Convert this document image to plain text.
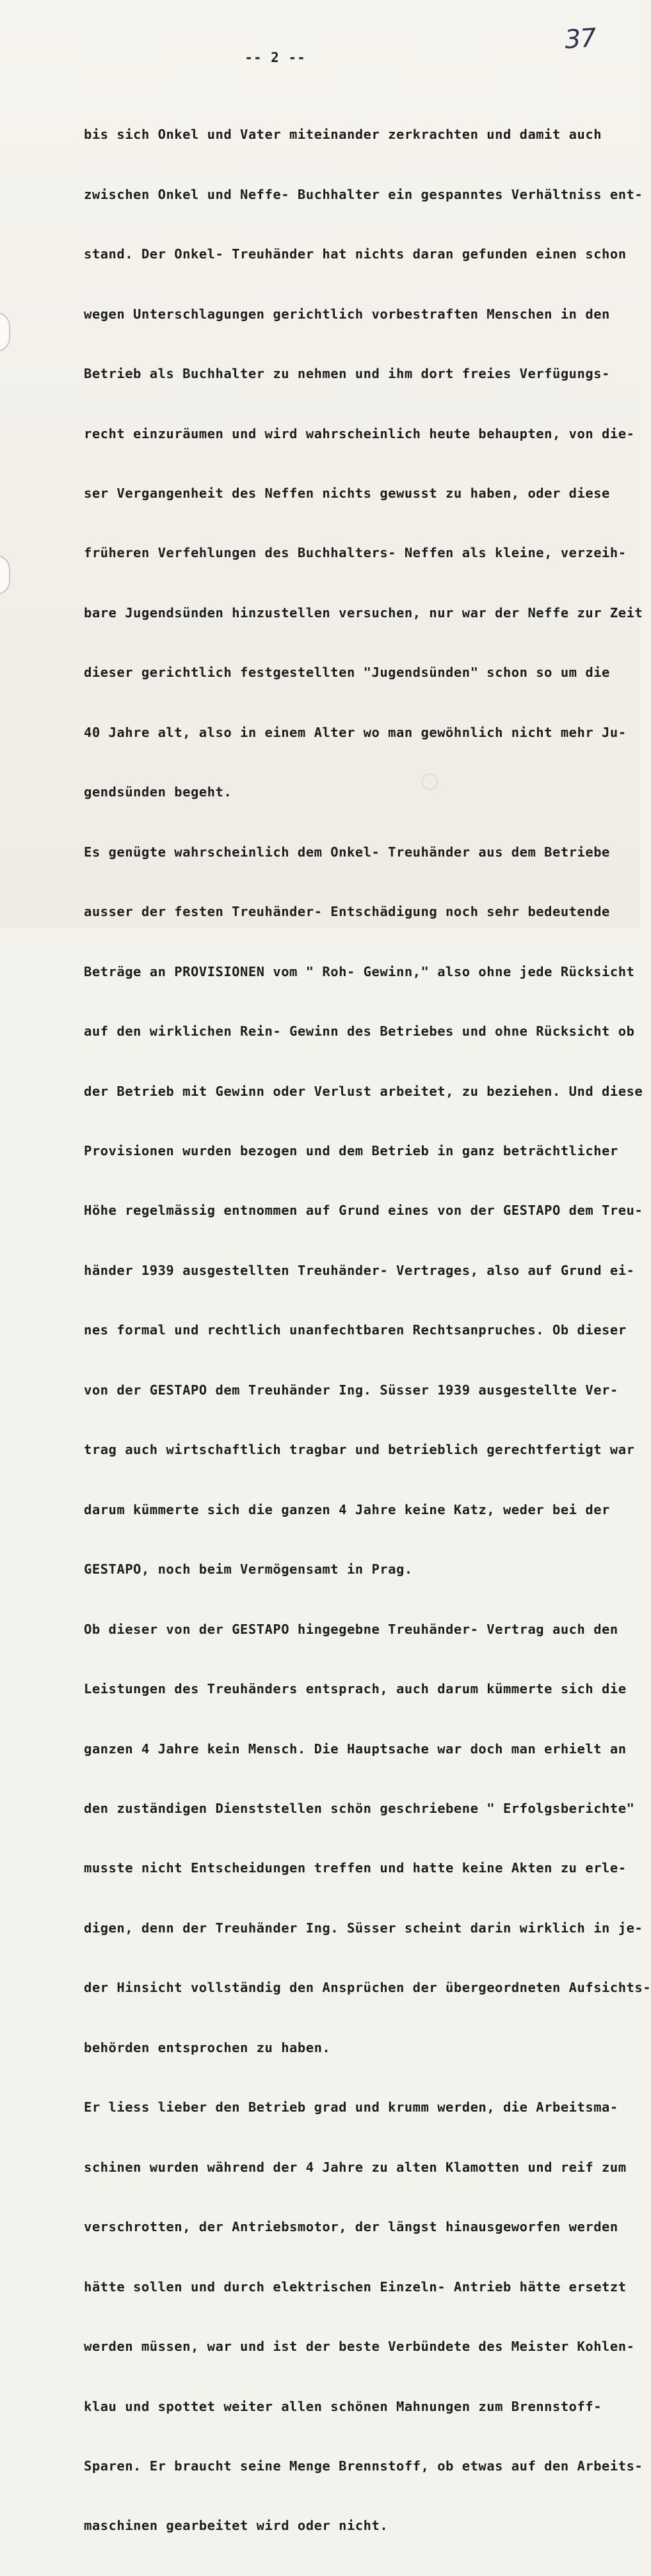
37
-- 2 --

bis sich Onkel und Vater miteinander zerkrachten und damit auch

zwischen Onkel und Neffe- Buchhalter ein gespanntes Verhältniss ent-

stand. Der Onkel- Treuhänder hat nichts daran gefunden einen schon

wegen Unterschlagungen gerichtlich vorbestraften Menschen in den

Betrieb als Buchhalter zu nehmen und ihm dort freies Verfügungs-

recht einzuräumen und wird wahrscheinlich heute behaupten, von die-

ser Vergangenheit des Neffen nichts gewusst zu haben, oder diese

früheren Verfehlungen des Buchhalters- Neffen als kleine, verzeih-

bare Jugendsünden hinzustellen versuchen, nur war der Neffe zur Zeit

dieser gerichtlich festgestellten "Jugendsünden" schon so um die

40 Jahre alt, also in einem Alter wo man gewöhnlich nicht mehr Ju-

gendsünden begeht.

Es genügte wahrscheinlich dem Onkel- Treuhänder aus dem Betriebe

ausser der festen Treuhänder- Entschädigung noch sehr bedeutende

Beträge an PROVISIONEN vom " Roh- Gewinn," also ohne jede Rücksicht

auf den wirklichen Rein- Gewinn des Betriebes und ohne Rücksicht ob

der Betrieb mit Gewinn oder Verlust arbeitet, zu beziehen. Und diese

Provisionen wurden bezogen und dem Betrieb in ganz beträchtlicher

Höhe regelmässig entnommen auf Grund eines von der GESTAPO dem Treu-

händer 1939 ausgestellten Treuhänder- Vertrages, also auf Grund ei-

nes formal und rechtlich unanfechtbaren Rechtsanpruches. Ob dieser

von der GESTAPO dem Treuhänder Ing. Süsser 1939 ausgestellte Ver-

trag auch wirtschaftlich tragbar und betrieblich gerechtfertigt war

darum kümmerte sich die ganzen 4 Jahre keine Katz, weder bei der

GESTAPO, noch beim Vermögensamt in Prag.

Ob dieser von der GESTAPO hingegebne Treuhänder- Vertrag auch den

Leistungen des Treuhänders entsprach, auch darum kümmerte sich die

ganzen 4 Jahre kein Mensch. Die Hauptsache war doch man erhielt an

den zuständigen Dienststellen schön geschriebene " Erfolgsberichte"

musste nicht Entscheidungen treffen und hatte keine Akten zu erle-

digen, denn der Treuhänder Ing. Süsser scheint darin wirklich in je-

der Hinsicht vollständig den Ansprüchen der übergeordneten Aufsichts-

behörden entsprochen zu haben.

Er liess lieber den Betrieb grad und krumm werden, die Arbeitsma-

schinen wurden während der 4 Jahre zu alten Klamotten und reif zum

verschrotten, der Antriebsmotor, der längst hinausgeworfen werden

hätte sollen und durch elektrischen Einzeln- Antrieb hätte ersetzt

werden müssen, war und ist der beste Verbündete des Meister Kohlen-

klau und spottet weiter allen schönen Mahnungen zum Brennstoff-

Sparen. Er braucht seine Menge Brennstoff, ob etwas auf den Arbeits-

maschinen gearbeitet wird oder nicht.

○
